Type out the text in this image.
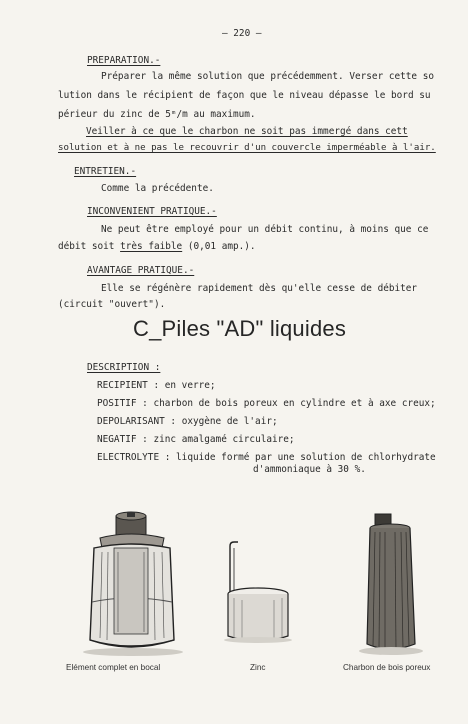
– 220 –
PREPARATION.-
Préparer la même solution que précédemment. Verser cette so
lution dans le récipient de façon que le niveau dépasse le bord su
périeur du zinc de 5ᵐ/m au maximum.
Veiller à ce que le charbon ne soit pas immergé dans cett
solution et à ne pas le recouvrir d'un couvercle imperméable à l'air.
ENTRETIEN.-
Comme la précédente.
INCONVENIENT PRATIQUE.-
Ne peut être employé pour un débit continu, à moins que ce
débit soit très faible (0,01 amp.).
AVANTAGE PRATIQUE.-
Elle se régénère rapidement dès qu'elle cesse de débiter
(circuit "ouvert").
C_Piles "AD" liquides
DESCRIPTION :
RECIPIENT : en verre;
POSITIF : charbon de bois poreux en cylindre et à axe creux;
DEPOLARISANT : oxygène de l'air;
NEGATIF : zinc amalgamé circulaire;
ELECTROLYTE : liquide formé par une solution de chlorhydrate
d'ammoniaque à 30 %.
Elément complet en bocal	Zinc	Charbon de bois poreux
